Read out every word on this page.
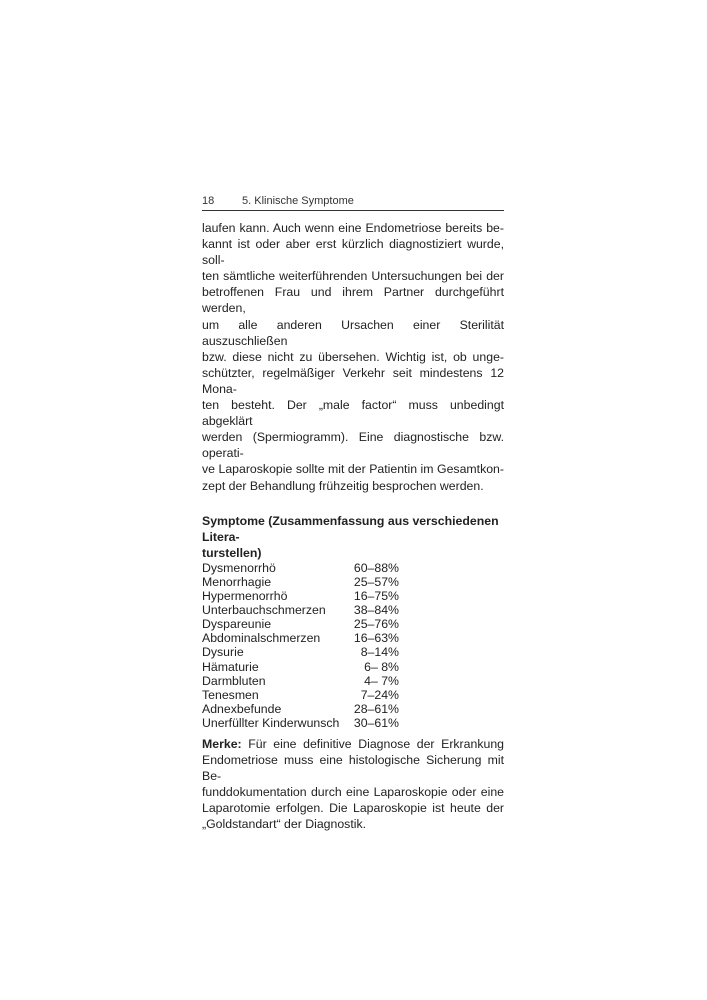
18	5. Klinische Symptome

laufen kann. Auch wenn eine Endometriose bereits be-
kannt ist oder aber erst kürzlich diagnostiziert wurde, soll-
ten sämtliche weiterführenden Untersuchungen bei der
betroffenen Frau und ihrem Partner durchgeführt werden,
um alle anderen Ursachen einer Sterilität auszuschließen
bzw. diese nicht zu übersehen. Wichtig ist, ob unge-
schützter, regelmäßiger Verkehr seit mindestens 12 Mona-
ten besteht. Der „male factor“ muss unbedingt abgeklärt
werden (Spermiogramm). Eine diagnostische bzw. operati-
ve Laparoskopie sollte mit der Patientin im Gesamtkon-
zept der Behandlung frühzeitig besprochen werden.

Symptome (Zusammenfassung aus verschiedenen Litera-
turstellen)

Dysmenorrhö	60–88%
Menorrhagie	25–57%
Hypermenorrhö	16–75%
Unterbauchschmerzen	38–84%
Dyspareunie	25–76%
Abdominalschmerzen	16–63%
Dysurie	8–14%
Hämaturie	6– 8%
Darmbluten	4– 7%
Tenesmen	7–24%
Adnexbefunde	28–61%
Unerfüllter Kinderwunsch	30–61%

Merke: Für eine definitive Diagnose der Erkrankung
Endometriose muss eine histologische Sicherung mit Be-
funddokumentation durch eine Laparoskopie oder eine
Laparotomie erfolgen. Die Laparoskopie ist heute der
„Goldstandart“ der Diagnostik.
